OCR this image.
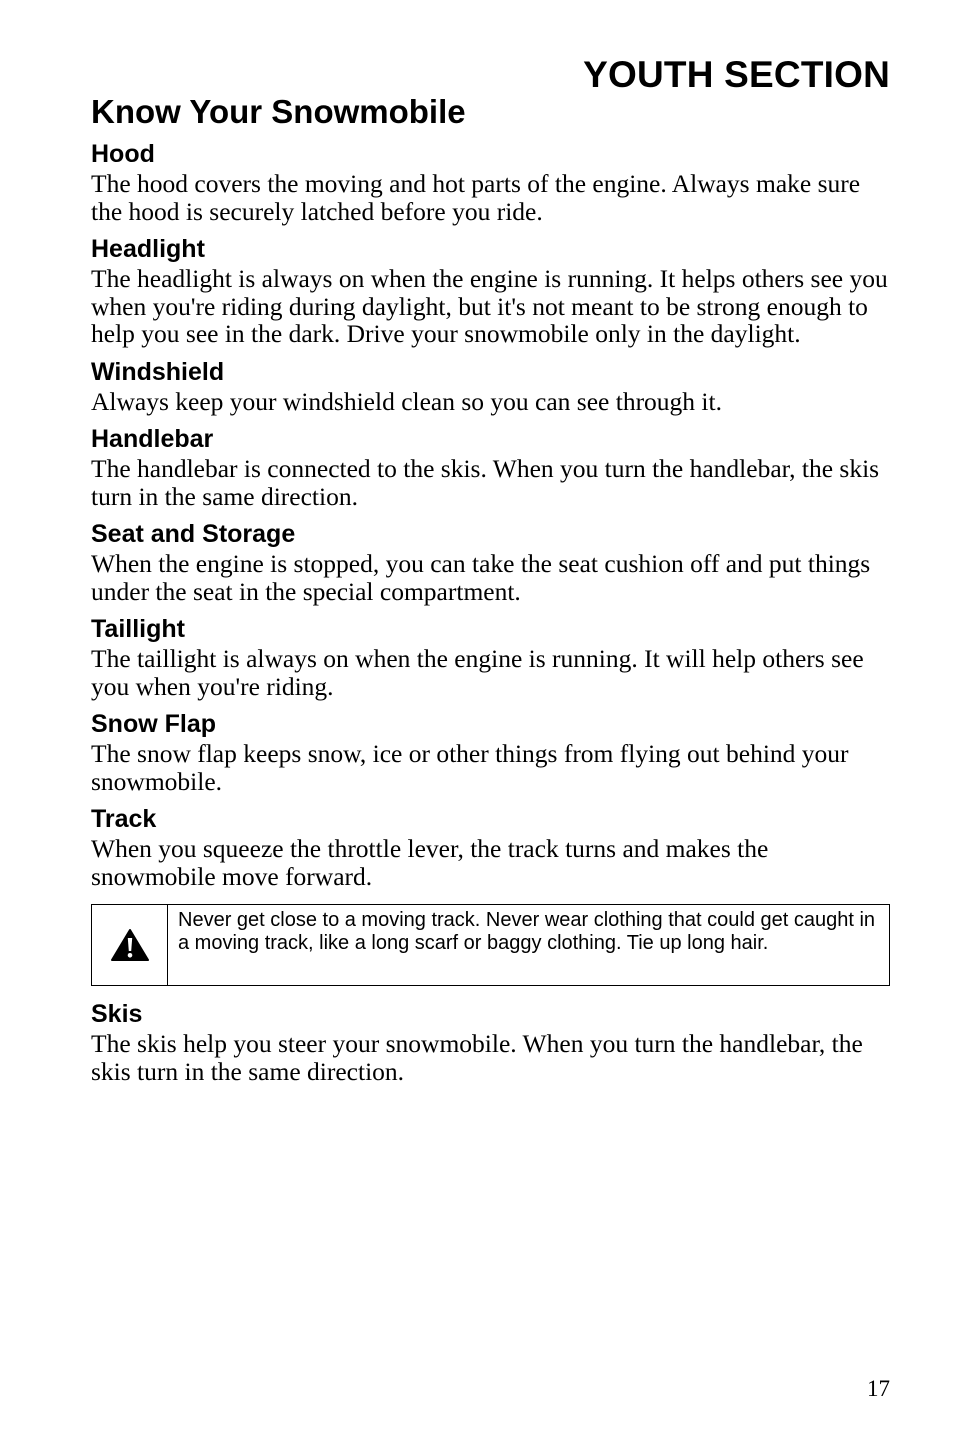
YOUTH SECTION
Know Your Snowmobile
Hood

The hood covers the moving and hot parts of the engine. Always make sure the hood is securely latched before you ride.

Headlight

The headlight is always on when the engine is running. It helps others see you when you're riding during daylight, but it's not meant to be strong enough to help you see in the dark. Drive your snowmobile only in the daylight.

Windshield

Always keep your windshield clean so you can see through it.

Handlebar

The handlebar is connected to the skis. When you turn the handlebar, the skis turn in the same direction.

Seat and Storage

When the engine is stopped, you can take the seat cushion off and put things under the seat in the special compartment.

Taillight

The taillight is always on when the engine is running. It will help others see you when you're riding.

Snow Flap

The snow flap keeps snow, ice or other things from flying out behind your snowmobile.

Track

When you squeeze the throttle lever, the track turns and makes the snowmobile move forward.

Never get close to a moving track. Never wear clothing that could get caught in a moving track, like a long scarf or baggy clothing. Tie up long hair.

Skis

The skis help you steer your snowmobile. When you turn the handlebar, the skis turn in the same direction.

17
